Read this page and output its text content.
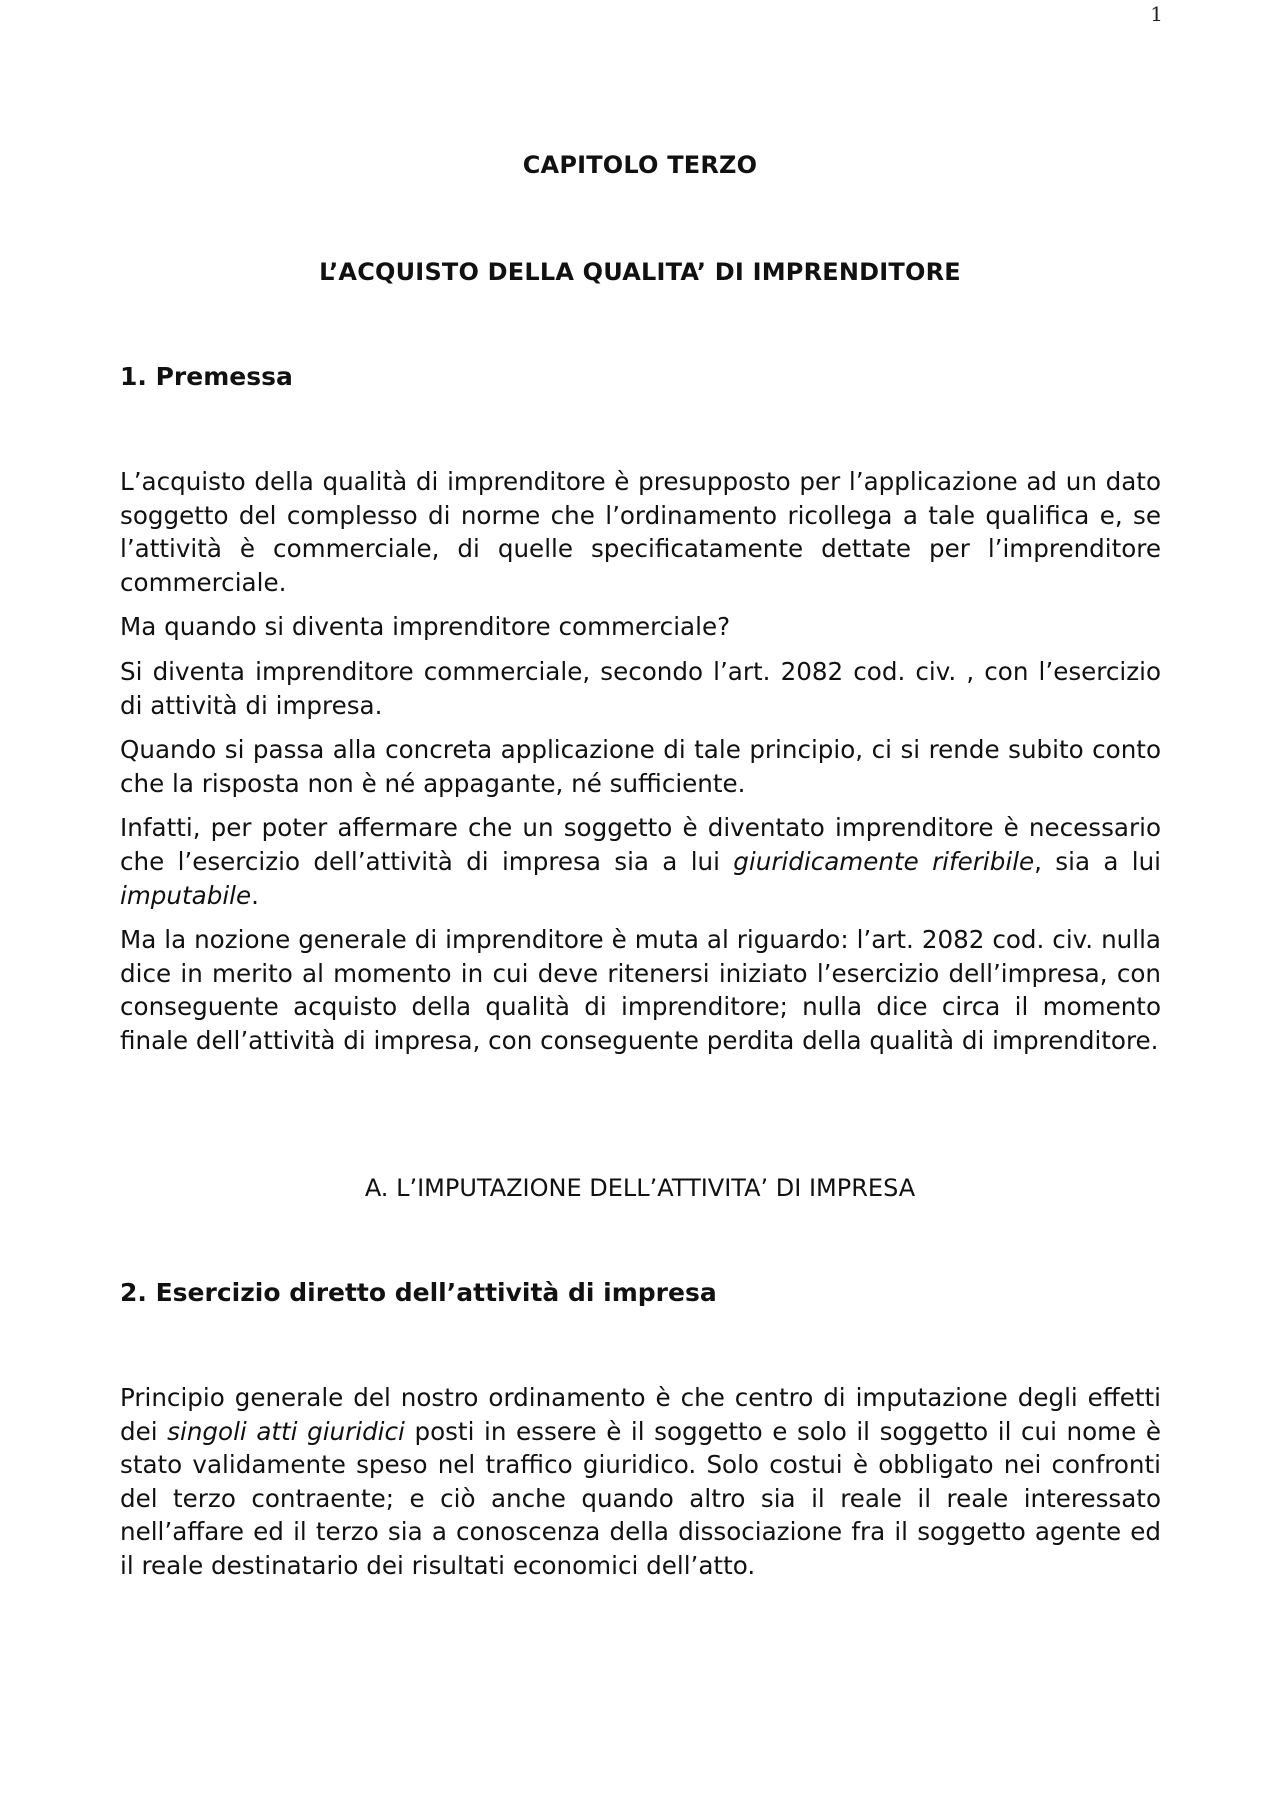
1
CAPITOLO TERZO
L’ACQUISTO DELLA QUALITA’ DI IMPRENDITORE
1. Premessa

L’acquisto della qualità di imprenditore è presupposto per l’applicazione ad un dato soggetto del complesso di norme che l’ordinamento ricollega a tale qualifica e, se l’attività è commerciale, di quelle specificatamente dettate per l’imprenditore commerciale.

Ma quando si diventa imprenditore commerciale?

Si diventa imprenditore commerciale, secondo l’art. 2082 cod. civ. , con l’esercizio di attività di impresa.

Quando si passa alla concreta applicazione di tale principio, ci si rende subito conto che la risposta non è né appagante, né sufficiente.

Infatti, per poter affermare che un soggetto è diventato imprenditore è necessario che l’esercizio dell’attività di impresa sia a lui giuridicamente riferibile, sia a lui imputabile.

Ma la nozione generale di imprenditore è muta al riguardo: l’art. 2082 cod. civ. nulla dice in merito al momento in cui deve ritenersi iniziato l’esercizio dell’impresa, con conseguente acquisto della qualità di imprenditore; nulla dice circa il momento finale dell’attività di impresa, con conseguente perdita della qualità di imprenditore.

A. L’IMPUTAZIONE DELL’ATTIVITA’ DI IMPRESA
2. Esercizio diretto dell’attività di impresa

Principio generale del nostro ordinamento è che centro di imputazione degli effetti dei singoli atti giuridici posti in essere è il soggetto e solo il soggetto il cui nome è stato validamente speso nel traffico giuridico. Solo costui è obbligato nei confronti del terzo contraente; e ciò anche quando altro sia il reale il reale interessato nell’affare ed il terzo sia a conoscenza della dissociazione fra il soggetto agente ed il reale destinatario dei risultati economici dell’atto.
